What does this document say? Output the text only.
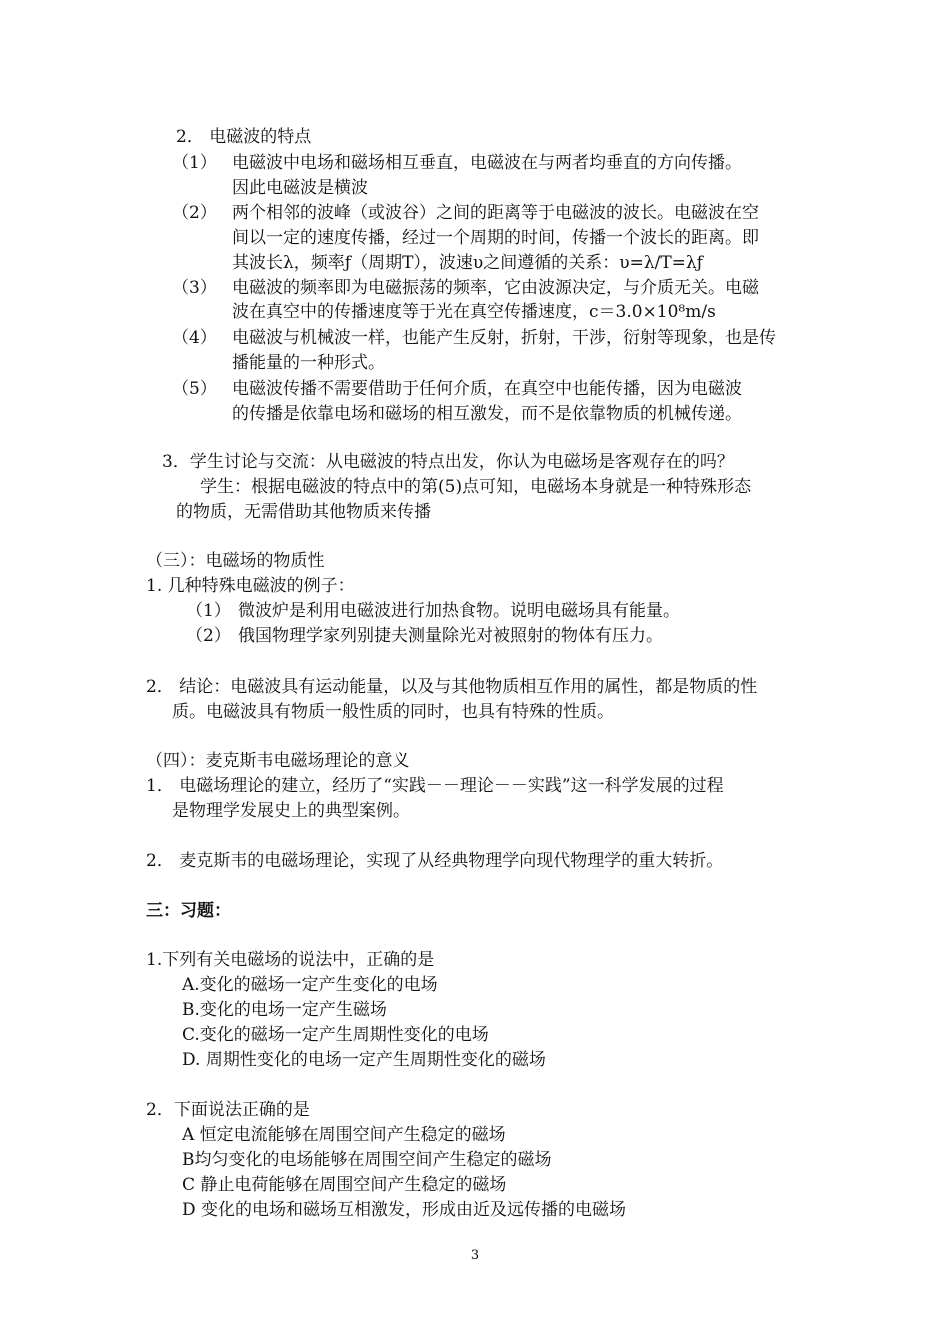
2． 电磁波的特点
（1） 电磁波中电场和磁场相互垂直，电磁波在与两者均垂直的方向传播。
因此电磁波是横波
（2） 两个相邻的波峰（或波谷）之间的距离等于电磁波的波长。电磁波在空
间以一定的速度传播，经过一个周期的时间，传播一个波长的距离。即
其波长λ，频率ƒ（周期T），波速υ之间遵循的关系：υ=λ/T=λƒ
（3） 电磁波的频率即为电磁振荡的频率，它由波源决定，与介质无关。电磁
波在真空中的传播速度等于光在真空传播速度，c＝3.0×10⁸m/s
（4） 电磁波与机械波一样，也能产生反射，折射，干涉，衍射等现象，也是传
播能量的一种形式。
（5） 电磁波传播不需要借助于任何介质，在真空中也能传播，因为电磁波
的传播是依靠电场和磁场的相互激发，而不是依靠物质的机械传递。
3．学生讨论与交流：从电磁波的特点出发，你认为电磁场是客观存在的吗？
学生：根据电磁波的特点中的第(5)点可知，电磁场本身就是一种特殊形态
的物质，无需借助其他物质来传播
（三）：电磁场的物质性
1. 几种特殊电磁波的例子：
（1） 微波炉是利用电磁波进行加热食物。说明电磁场具有能量。
（2） 俄国物理学家列别捷夫测量除光对被照射的物体有压力。
2． 结论：电磁波具有运动能量，以及与其他物质相互作用的属性，都是物质的性
质。电磁波具有物质一般性质的同时，也具有特殊的性质。
（四）：麦克斯韦电磁场理论的意义
1． 电磁场理论的建立，经历了“实践－－理论－－实践”这一科学发展的过程
是物理学发展史上的典型案例。
2． 麦克斯韦的电磁场理论，实现了从经典物理学向现代物理学的重大转折。
三：习题：
1.下列有关电磁场的说法中，正确的是
A.变化的磁场一定产生变化的电场
B.变化的电场一定产生磁场
C.变化的磁场一定产生周期性变化的电场
D. 周期性变化的电场一定产生周期性变化的磁场
2．下面说法正确的是
A 恒定电流能够在周围空间产生稳定的磁场
B均匀变化的电场能够在周围空间产生稳定的磁场
C 静止电荷能够在周围空间产生稳定的磁场
D 变化的电场和磁场互相激发，形成由近及远传播的电磁场
3
